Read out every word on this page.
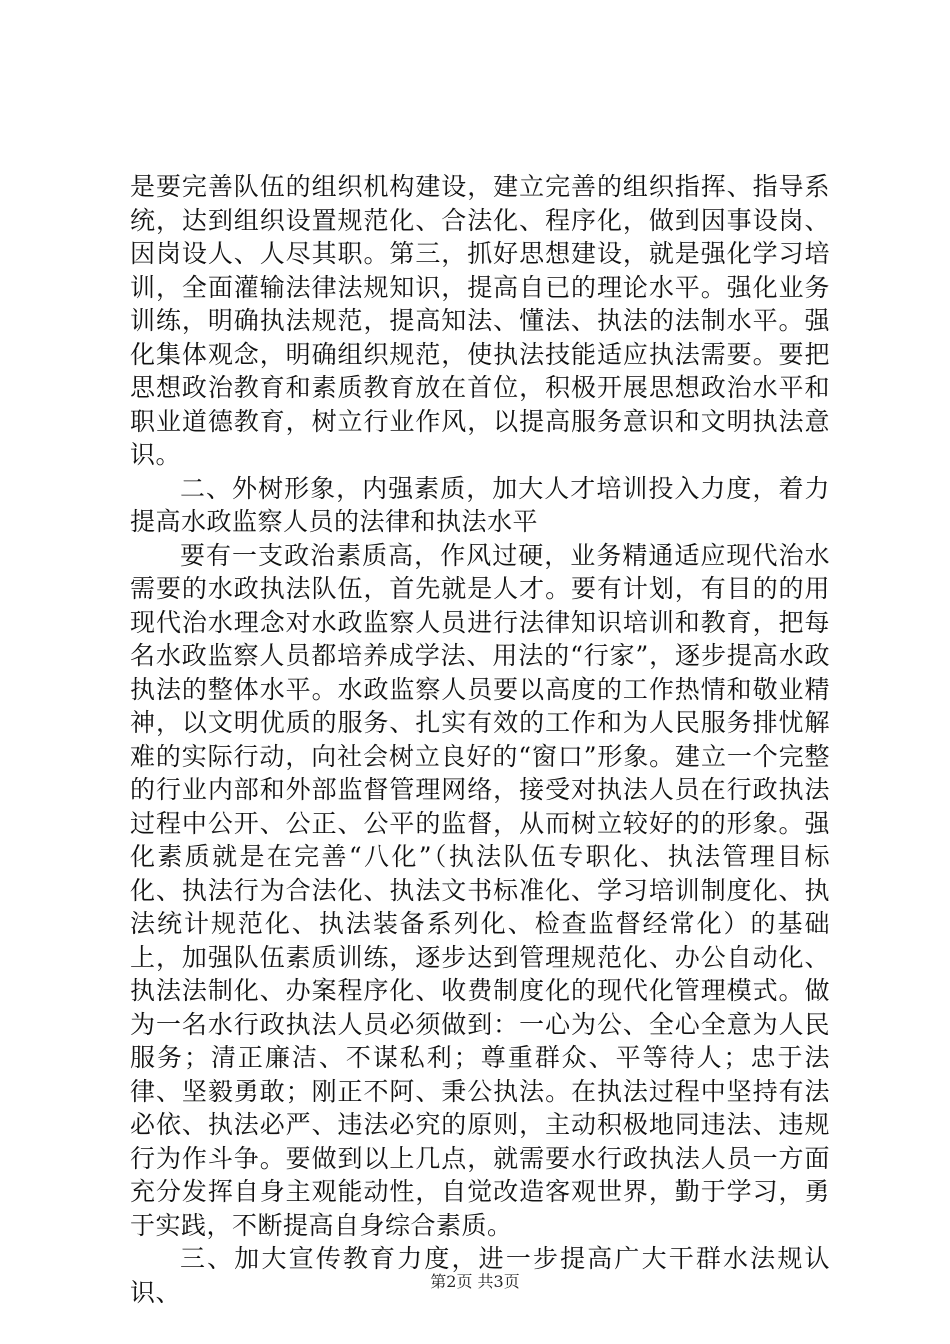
是要完善队伍的组织机构建设，建立完善的组织指挥、指导系统，达到组织设置规范化、合法化、程序化，做到因事设岗、因岗设人、人尽其职。第三，抓好思想建设，就是强化学习培训，全面灌输法律法规知识，提高自已的理论水平。强化业务训练，明确执法规范，提高知法、懂法、执法的法制水平。强化集体观念，明确组织规范，使执法技能适应执法需要。要把思想政治教育和素质教育放在首位，积极开展思想政治水平和职业道德教育，树立行业作风，以提高服务意识和文明执法意识。

二、外树形象，内强素质，加大人才培训投入力度，着力提高水政监察人员的法律和执法水平

要有一支政治素质高，作风过硬，业务精通适应现代治水需要的水政执法队伍，首先就是人才。要有计划，有目的的用现代治水理念对水政监察人员进行法律知识培训和教育，把每名水政监察人员都培养成学法、用法的“行家”，逐步提高水政执法的整体水平。水政监察人员要以高度的工作热情和敬业精神，以文明优质的服务、扎实有效的工作和为人民服务排忧解难的实际行动，向社会树立良好的“窗口”形象。建立一个完整的行业内部和外部监督管理网络，接受对执法人员在行政执法过程中公开、公正、公平的监督，从而树立较好的的形象。强化素质就是在完善“八化”（执法队伍专职化、执法管理目标化、执法行为合法化、执法文书标准化、学习培训制度化、执法统计规范化、执法装备系列化、检查监督经常化）的基础上，加强队伍素质训练，逐步达到管理规范化、办公自动化、执法法制化、办案程序化、收费制度化的现代化管理模式。做为一名水行政执法人员必须做到：一心为公、全心全意为人民服务；清正廉洁、不谋私利；尊重群众、平等待人；忠于法律、坚毅勇敢；刚正不阿、秉公执法。在执法过程中坚持有法必依、执法必严、违法必究的原则，主动积极地同违法、违规行为作斗争。要做到以上几点，就需要水行政执法人员一方面充分发挥自身主观能动性，自觉改造客观世界，勤于学习，勇于实践，不断提高自身综合素质。

三、加大宣传教育力度，进一步提高广大干群水法规认识、	第2页 共3页
